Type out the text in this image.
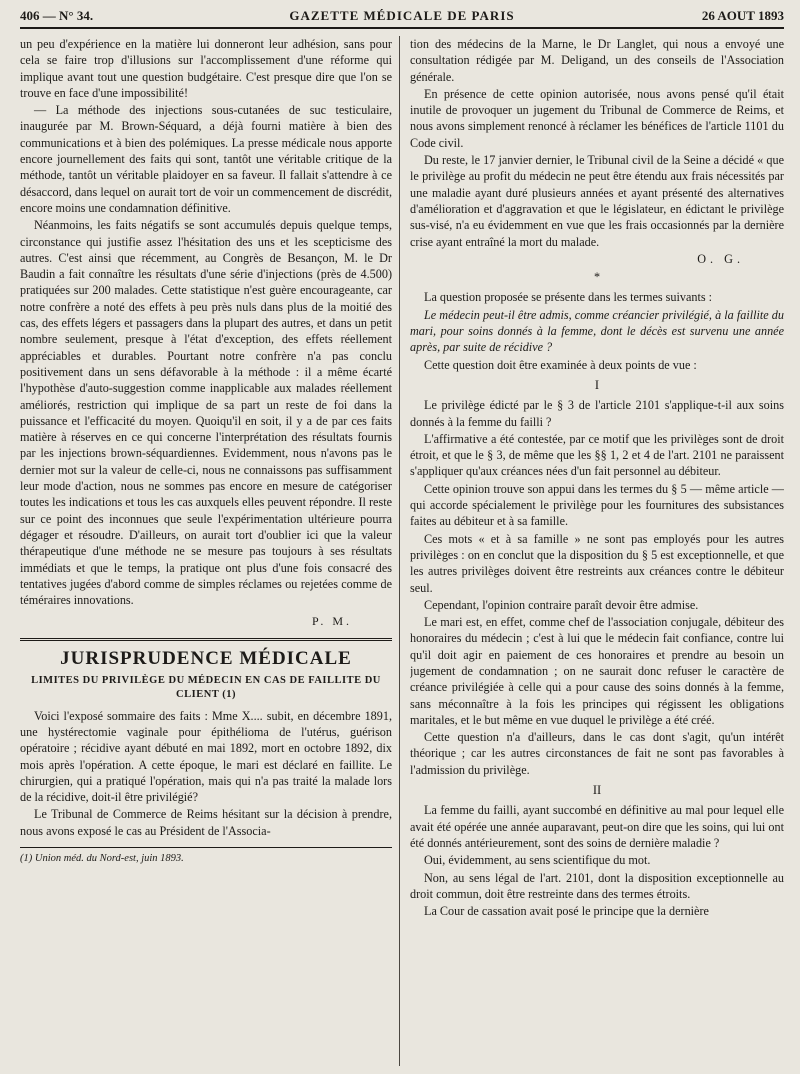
406 — N° 34.	GAZETTE MÉDICALE DE PARIS	26 AOUT 1893

un peu d'expérience en la matière lui donneront leur adhésion, sans pour cela se faire trop d'illusions sur l'accomplissement d'une réforme qui implique avant tout une question budgétaire. C'est presque dire que l'on se trouve en face d'une impossibilité!

— La méthode des injections sous-cutanées de suc testiculaire, inaugurée par M. Brown-Séquard, a déjà fourni matière à bien des communications et à bien des polémiques. La presse médicale nous apporte encore journellement des faits qui sont, tantôt une véritable critique de la méthode, tantôt un véritable plaidoyer en sa faveur. Il fallait s'attendre à ce désaccord, dans lequel on aurait tort de voir un commencement de discrédit, encore moins une condamnation définitive.

Néanmoins, les faits négatifs se sont accumulés depuis quelque temps, circonstance qui justifie assez l'hésitation des uns et les scepticisme des autres. C'est ainsi que récemment, au Congrès de Besançon, M. le Dr Baudin a fait connaître les résultats d'une série d'injections (près de 4.500) pratiquées sur 200 malades. Cette statistique n'est guère encourageante, car notre confrère a noté des effets à peu près nuls dans plus de la moitié des cas, des effets légers et passagers dans la plupart des autres, et dans un petit nombre seulement, presque à l'état d'exception, des effets réellement appréciables et durables. Pourtant notre confrère n'a pas conclu positivement dans un sens défavorable à la méthode : il a même écarté l'hypothèse d'auto-suggestion comme inapplicable aux malades réellement améliorés, restriction qui implique de sa part un reste de foi dans la puissance et l'efficacité du moyen. Quoiqu'il en soit, il y a de par ces faits matière à réserves en ce qui concerne l'interprétation des résultats fournis par les injections brown-séquardiennes. Evidemment, nous n'avons pas le dernier mot sur la valeur de celle-ci, nous ne connaissons pas suffisamment leur mode d'action, nous ne sommes pas encore en mesure de catégoriser toutes les indications et tous les cas auxquels elles peuvent répondre. Il reste sur ce point des inconnues que seule l'expérimentation ultérieure pourra dégager et résoudre. D'ailleurs, on aurait tort d'oublier ici que la valeur thérapeutique d'une méthode ne se mesure pas toujours à ses résultats immédiats et que le temps, la pratique ont plus d'une fois consacré des tentatives jugées d'abord comme de simples réclames ou rejetées comme de téméraires innovations.

P. M.
JURISPRUDENCE MÉDICALE
LIMITES DU PRIVILÈGE DU MÉDECIN EN CAS DE FAILLITE DU CLIENT (1)

Voici l'exposé sommaire des faits : Mme X.... subit, en décembre 1891, une hystérectomie vaginale pour épithélioma de l'utérus, guérison opératoire ; récidive ayant débuté en mai 1892, mort en octobre 1892, dix mois après l'opération. A cette époque, le mari est déclaré en faillite. Le chirurgien, qui a pratiqué l'opération, mais qui n'a pas traité la malade lors de la récidive, doit-il être privilégié?

Le Tribunal de Commerce de Reims hésitant sur la décision à prendre, nous avons exposé le cas au Président de l'Associa-

(1) Union méd. du Nord-est, juin 1893.

tion des médecins de la Marne, le Dr Langlet, qui nous a envoyé une consultation rédigée par M. Deligand, un des conseils de l'Association générale.

En présence de cette opinion autorisée, nous avons pensé qu'il était inutile de provoquer un jugement du Tribunal de Commerce de Reims, et nous avons simplement renoncé à réclamer les bénéfices de l'article 1101 du Code civil.

Du reste, le 17 janvier dernier, le Tribunal civil de la Seine a décidé « que le privilège au profit du médecin ne peut être étendu aux frais nécessités par une maladie ayant duré plusieurs années et ayant présenté des alternatives d'amélioration et d'aggravation et que le législateur, en édictant le privilège sus-visé, n'a eu évidemment en vue que les frais occasionnés par la dernière crise ayant entraîné la mort du malade.

O. G.
*

La question proposée se présente dans les termes suivants :

Le médecin peut-il être admis, comme créancier privilégié, à la faillite du mari, pour soins donnés à la femme, dont le décès est survenu une année après, par suite de récidive ?

Cette question doit être examinée à deux points de vue :

I

Le privilège édicté par le § 3 de l'article 2101 s'applique-t-il aux soins donnés à la femme du failli ?

L'affirmative a été contestée, par ce motif que les privilèges sont de droit étroit, et que le § 3, de même que les §§ 1, 2 et 4 de l'art. 2101 ne paraissent s'appliquer qu'aux créances nées d'un fait personnel au débiteur.

Cette opinion trouve son appui dans les termes du § 5 — même article — qui accorde spécialement le privilège pour les fournitures des subsistances faites au débiteur et à sa famille.

Ces mots « et à sa famille » ne sont pas employés pour les autres privilèges : on en conclut que la disposition du § 5 est exceptionnelle, et que les autres privilèges doivent être restreints aux créances contre le débiteur seul.

Cependant, l'opinion contraire paraît devoir être admise.

Le mari est, en effet, comme chef de l'association conjugale, débiteur des honoraires du médecin ; c'est à lui que le médecin fait confiance, contre lui qu'il doit agir en paiement de ces honoraires et prendre au besoin un jugement de condamnation ; on ne saurait donc refuser le caractère de créance privilégiée à celle qui a pour cause des soins donnés à la femme, sans méconnaître à la fois les principes qui régissent les obligations maritales, et le but même en vue duquel le privilège a été créé.

Cette question n'a d'ailleurs, dans le cas dont s'agit, qu'un intérêt théorique ; car les autres circonstances de fait ne sont pas favorables à l'admission du privilège.

II

La femme du failli, ayant succombé en définitive au mal pour lequel elle avait été opérée une année auparavant, peut-on dire que les soins, qui lui ont été donnés antérieurement, sont des soins de dernière maladie ?

Oui, évidemment, au sens scientifique du mot.

Non, au sens légal de l'art. 2101, dont la disposition exceptionnelle au droit commun, doit être restreinte dans des termes étroits.

La Cour de cassation avait posé le principe que la dernière
